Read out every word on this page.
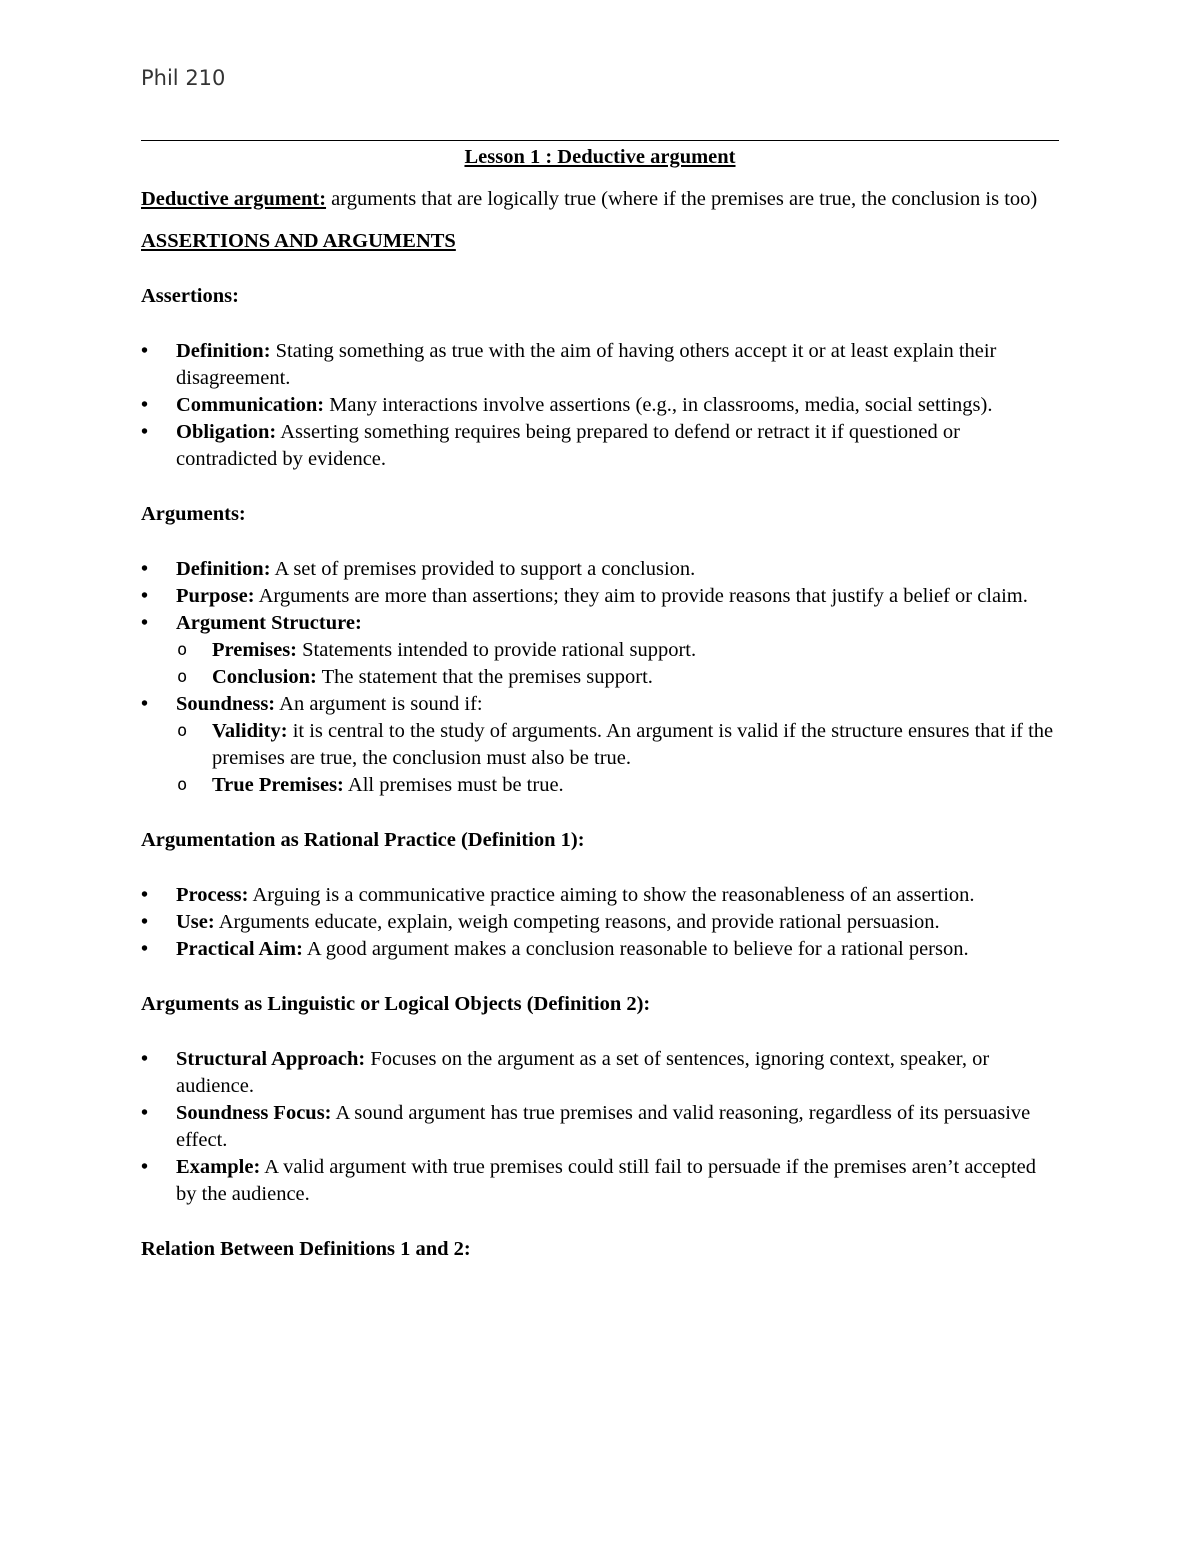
Phil 210

Lesson 1 : Deductive argument

Deductive argument: arguments that are logically true (where if the premises are true, the conclusion is too)

ASSERTIONS AND ARGUMENTS

Assertions:

• Definition: Stating something as true with the aim of having others accept it or at least explain their disagreement.
• Communication: Many interactions involve assertions (e.g., in classrooms, media, social settings).
• Obligation: Asserting something requires being prepared to defend or retract it if questioned or contradicted by evidence.

Arguments:

• Definition: A set of premises provided to support a conclusion.
• Purpose: Arguments are more than assertions; they aim to provide reasons that justify a belief or claim.
• Argument Structure:
o Premises: Statements intended to provide rational support.
o Conclusion: The statement that the premises support.
• Soundness: An argument is sound if:
o Validity: it is central to the study of arguments. An argument is valid if the structure ensures that if the premises are true, the conclusion must also be true.
o True Premises: All premises must be true.

Argumentation as Rational Practice (Definition 1):

• Process: Arguing is a communicative practice aiming to show the reasonableness of an assertion.
• Use: Arguments educate, explain, weigh competing reasons, and provide rational persuasion.
• Practical Aim: A good argument makes a conclusion reasonable to believe for a rational person.

Arguments as Linguistic or Logical Objects (Definition 2):

• Structural Approach: Focuses on the argument as a set of sentences, ignoring context, speaker, or audience.
• Soundness Focus: A sound argument has true premises and valid reasoning, regardless of its persuasive effect.
• Example: A valid argument with true premises could still fail to persuade if the premises aren’t accepted by the audience.

Relation Between Definitions 1 and 2:
